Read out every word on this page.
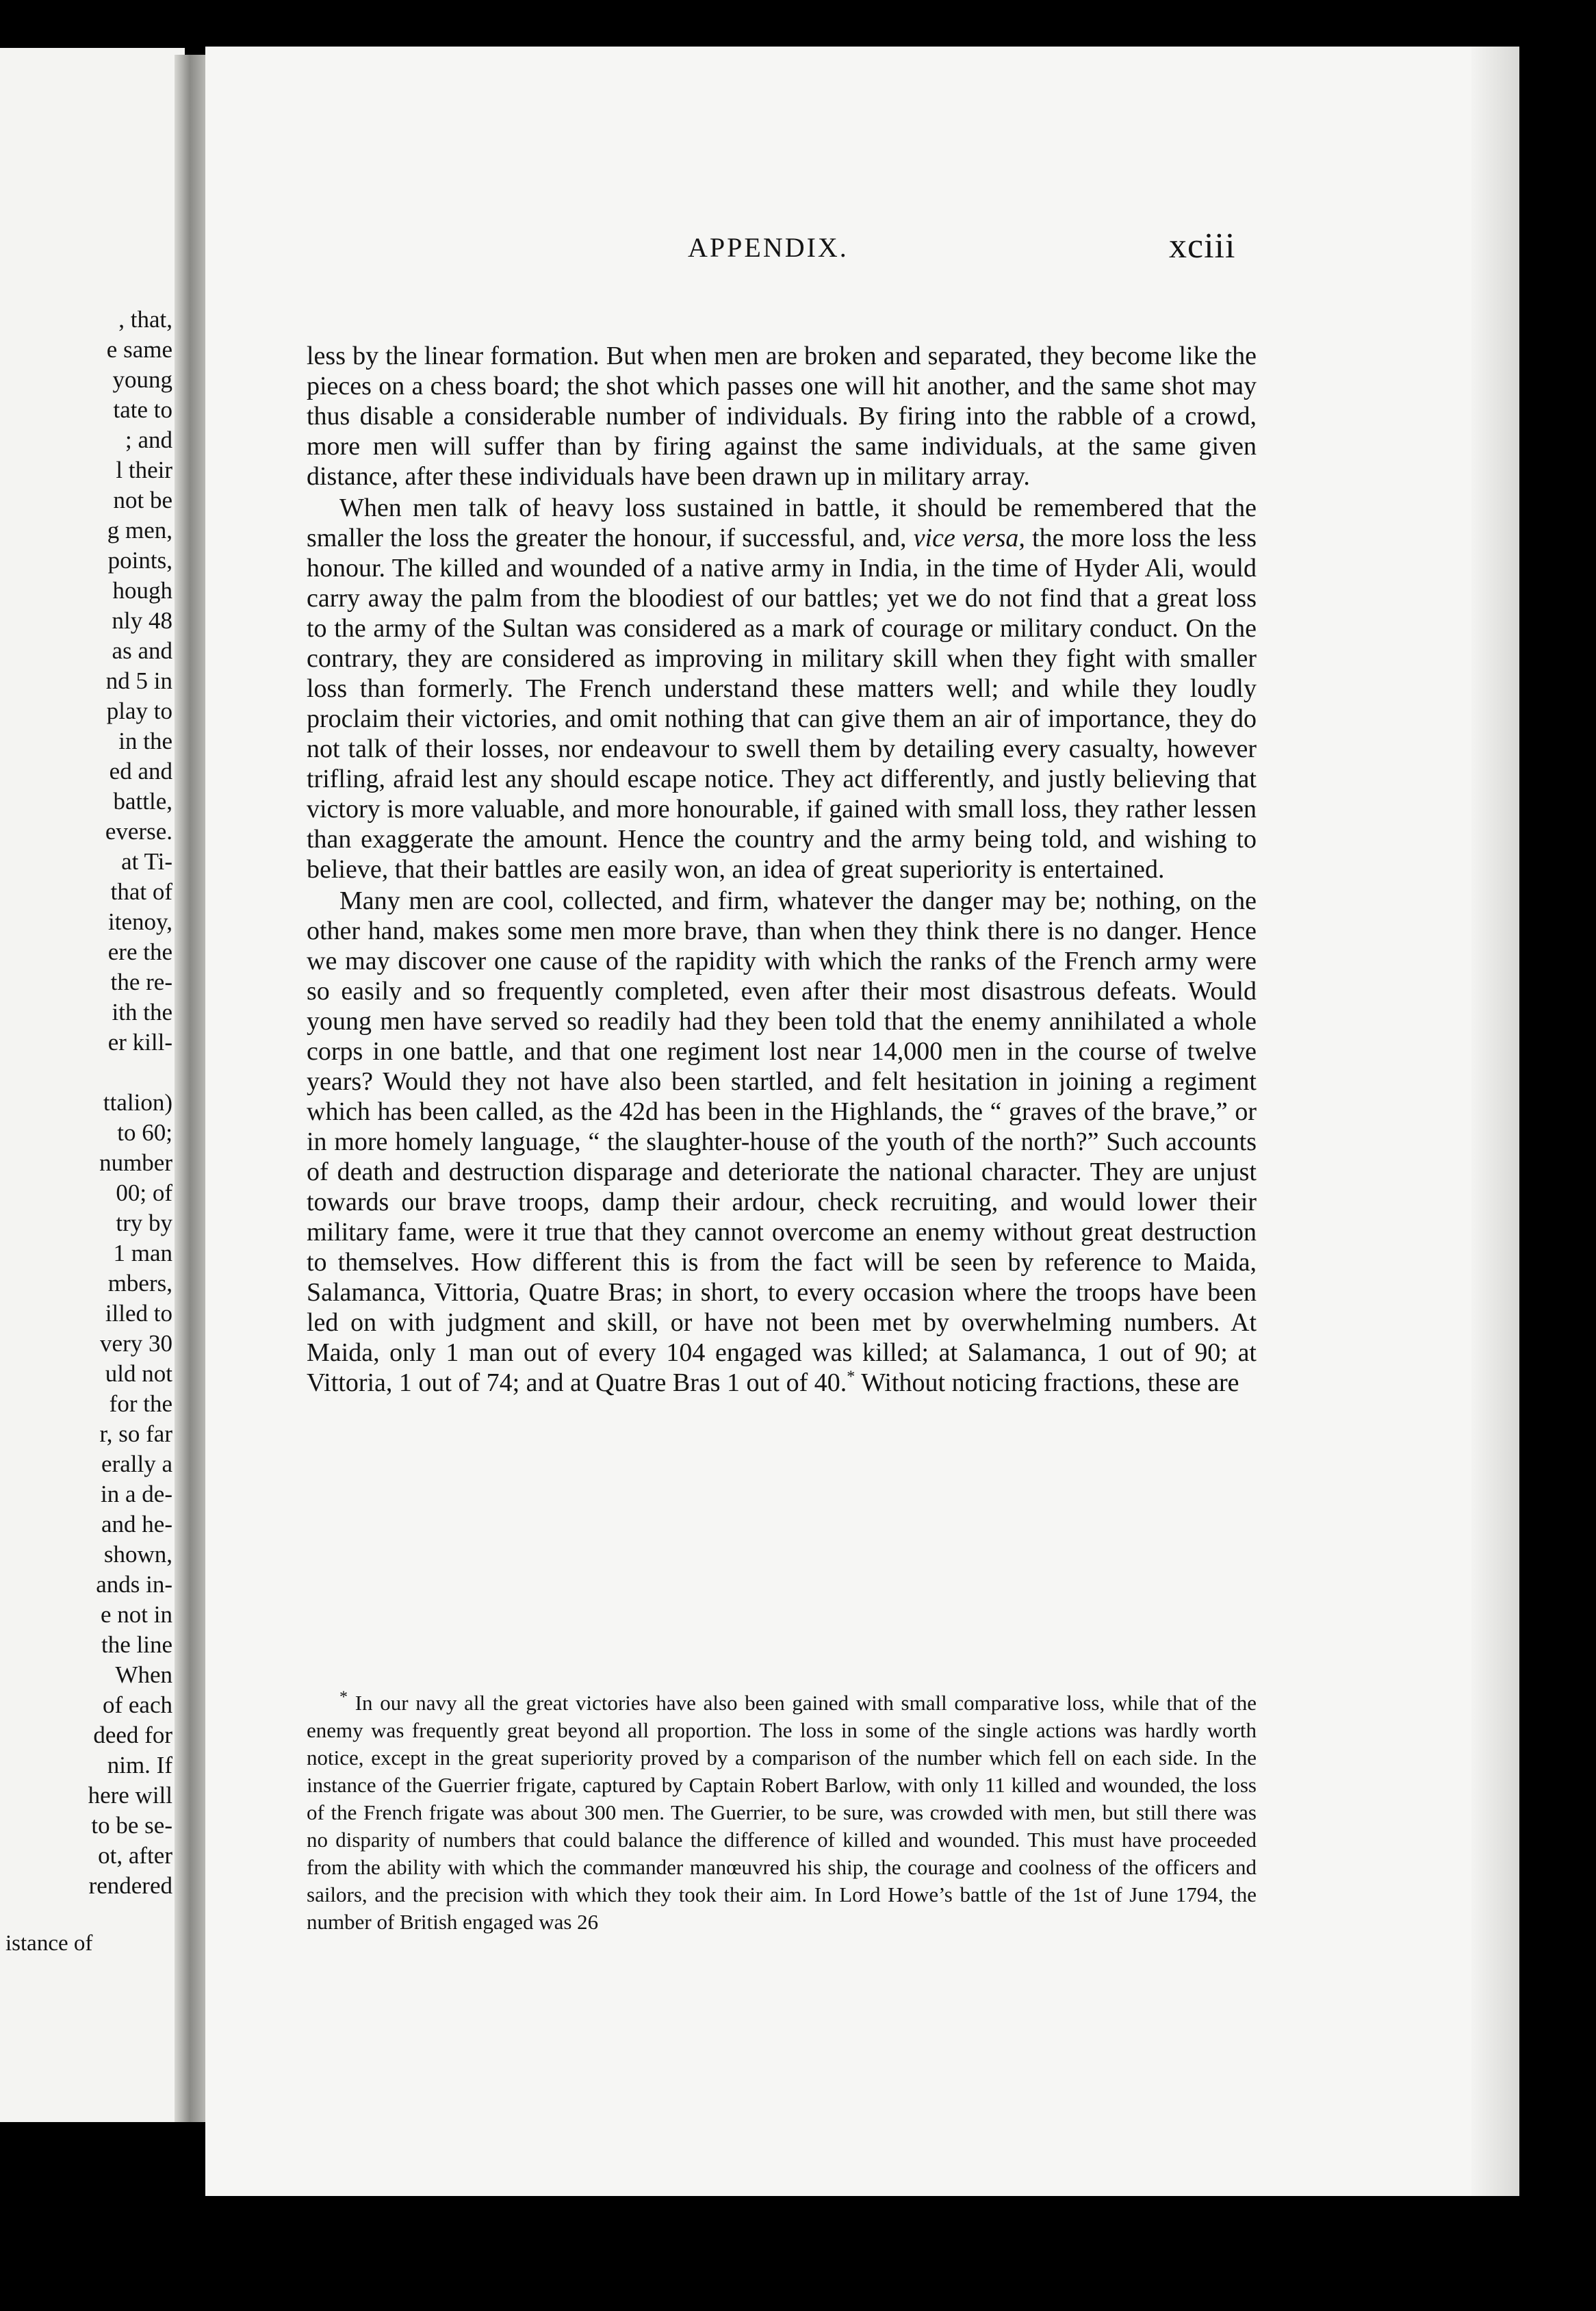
, that,
e same
young
tate to
; and
l their
not be
g men,
points,
hough
nly 48
as and
nd 5 in
play to
in the
ed and
battle,
everse.
at Ti-
that of
itenoy,
ere the
the re-
ith the
er kill-
ttalion)
to 60;
number
00; of
try by
1 man
mbers,
illed to
very 30
uld not
for the
r, so far
erally a
in a de-
and he-
shown,
ands in-
e not in
the line
When
of each
deed for
nim. If
here will
to be se-
ot, after
rendered
istance of
APPENDIX.	xciii

less by the linear formation. But when men are broken and separated, they become like the pieces on a chess board; the shot which passes one will hit another, and the same shot may thus disable a considerable number of individuals. By firing into the rabble of a crowd, more men will suffer than by firing against the same individuals, at the same given distance, after these individuals have been drawn up in military array.

When men talk of heavy loss sustained in battle, it should be remembered that the smaller the loss the greater the honour, if successful, and, vice versa, the more loss the less honour. The killed and wounded of a native army in India, in the time of Hyder Ali, would carry away the palm from the bloodiest of our battles; yet we do not find that a great loss to the army of the Sultan was considered as a mark of courage or military conduct. On the contrary, they are considered as improving in military skill when they fight with smaller loss than formerly. The French understand these matters well; and while they loudly proclaim their victories, and omit nothing that can give them an air of importance, they do not talk of their losses, nor endeavour to swell them by detailing every casualty, however trifling, afraid lest any should escape notice. They act differently, and justly believing that victory is more valuable, and more honourable, if gained with small loss, they rather lessen than exaggerate the amount. Hence the country and the army being told, and wishing to believe, that their battles are easily won, an idea of great superiority is entertained.

Many men are cool, collected, and firm, whatever the danger may be; nothing, on the other hand, makes some men more brave, than when they think there is no danger. Hence we may discover one cause of the rapidity with which the ranks of the French army were so easily and so frequently completed, even after their most disastrous defeats. Would young men have served so readily had they been told that the enemy annihilated a whole corps in one battle, and that one regiment lost near 14,000 men in the course of twelve years? Would they not have also been startled, and felt hesitation in joining a regiment which has been called, as the 42d has been in the Highlands, the “ graves of the brave,” or in more homely language, “ the slaughter-house of the youth of the north?” Such accounts of death and destruction disparage and deteriorate the national character. They are unjust towards our brave troops, damp their ardour, check recruiting, and would lower their military fame, were it true that they cannot overcome an enemy without great destruction to themselves. How different this is from the fact will be seen by reference to Maida, Salamanca, Vittoria, Quatre Bras; in short, to every occasion where the troops have been led on with judgment and skill, or have not been met by overwhelming numbers. At Maida, only 1 man out of every 104 engaged was killed; at Salamanca, 1 out of 90; at Vittoria, 1 out of 74; and at Quatre Bras 1 out of 40.* Without noticing fractions, these are

* In our navy all the great victories have also been gained with small comparative loss, while that of the enemy was frequently great beyond all proportion. The loss in some of the single actions was hardly worth notice, except in the great superiority proved by a comparison of the number which fell on each side. In the instance of the Guerrier frigate, captured by Captain Robert Barlow, with only 11 killed and wounded, the loss of the French frigate was about 300 men. The Guerrier, to be sure, was crowded with men, but still there was no disparity of numbers that could balance the difference of killed and wounded. This must have proceeded from the ability with which the commander manœuvred his ship, the courage and coolness of the officers and sailors, and the precision with which they took their aim. In Lord Howe’s battle of the 1st of June 1794, the number of British engaged was 26
